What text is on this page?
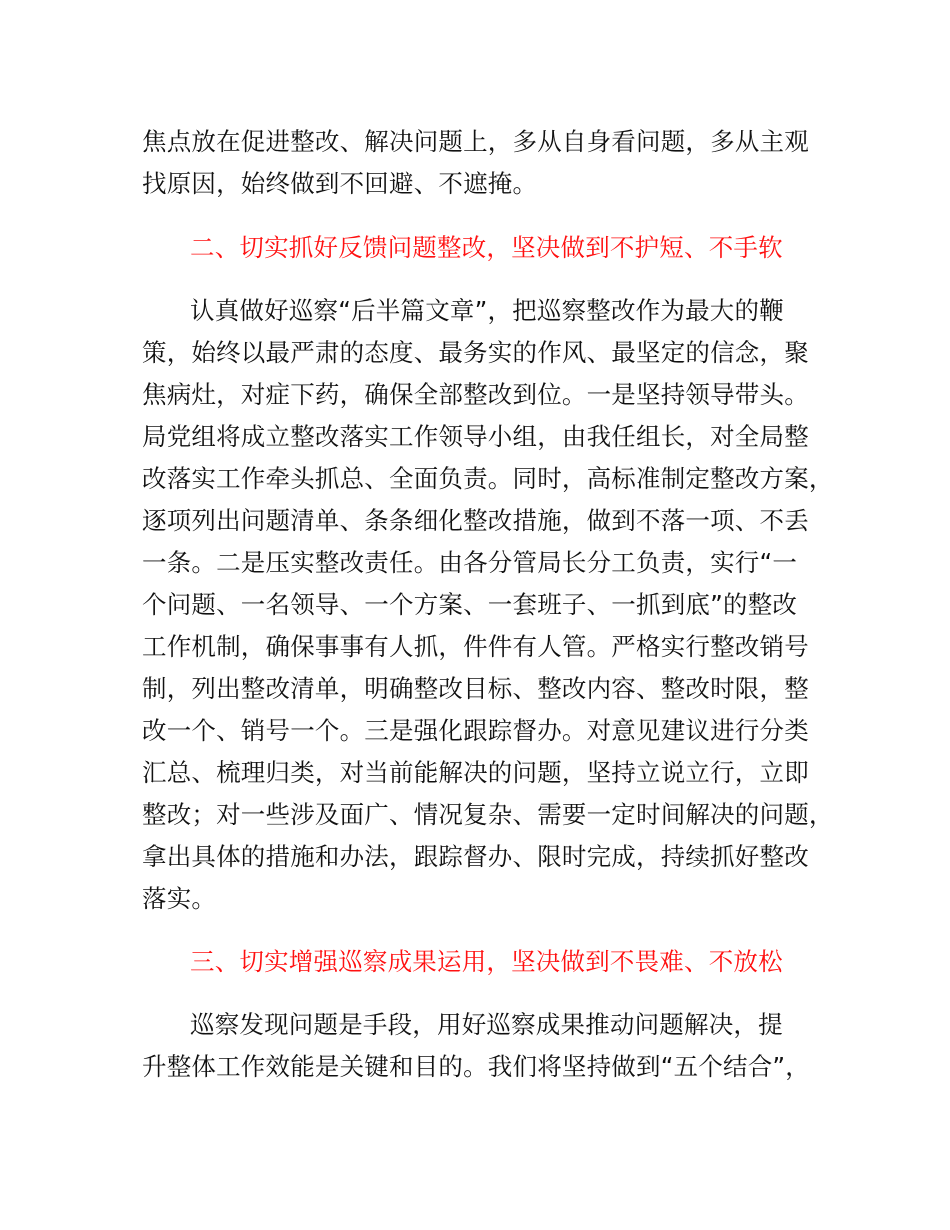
焦点放在促进整改、解决问题上，多从自身看问题，多从主观
找原因，始终做到不回避、不遮掩。
二、切实抓好反馈问题整改，坚决做到不护短、不手软
认真做好巡察“后半篇文章”，把巡察整改作为最大的鞭
策，始终以最严肃的态度、最务实的作风、最坚定的信念，聚
焦病灶，对症下药，确保全部整改到位。一是坚持领导带头。
局党组将成立整改落实工作领导小组，由我任组长，对全局整
改落实工作牵头抓总、全面负责。同时，高标准制定整改方案，
逐项列出问题清单、条条细化整改措施，做到不落一项、不丢
一条。二是压实整改责任。由各分管局长分工负责，实行“一
个问题、一名领导、一个方案、一套班子、一抓到底”的整改
工作机制，确保事事有人抓，件件有人管。严格实行整改销号
制，列出整改清单，明确整改目标、整改内容、整改时限，整
改一个、销号一个。三是强化跟踪督办。对意见建议进行分类
汇总、梳理归类，对当前能解决的问题，坚持立说立行，立即
整改；对一些涉及面广、情况复杂、需要一定时间解决的问题，
拿出具体的措施和办法，跟踪督办、限时完成，持续抓好整改
落实。
三、切实增强巡察成果运用，坚决做到不畏难、不放松
巡察发现问题是手段，用好巡察成果推动问题解决，提
升整体工作效能是关键和目的。我们将坚持做到“五个结合”，
